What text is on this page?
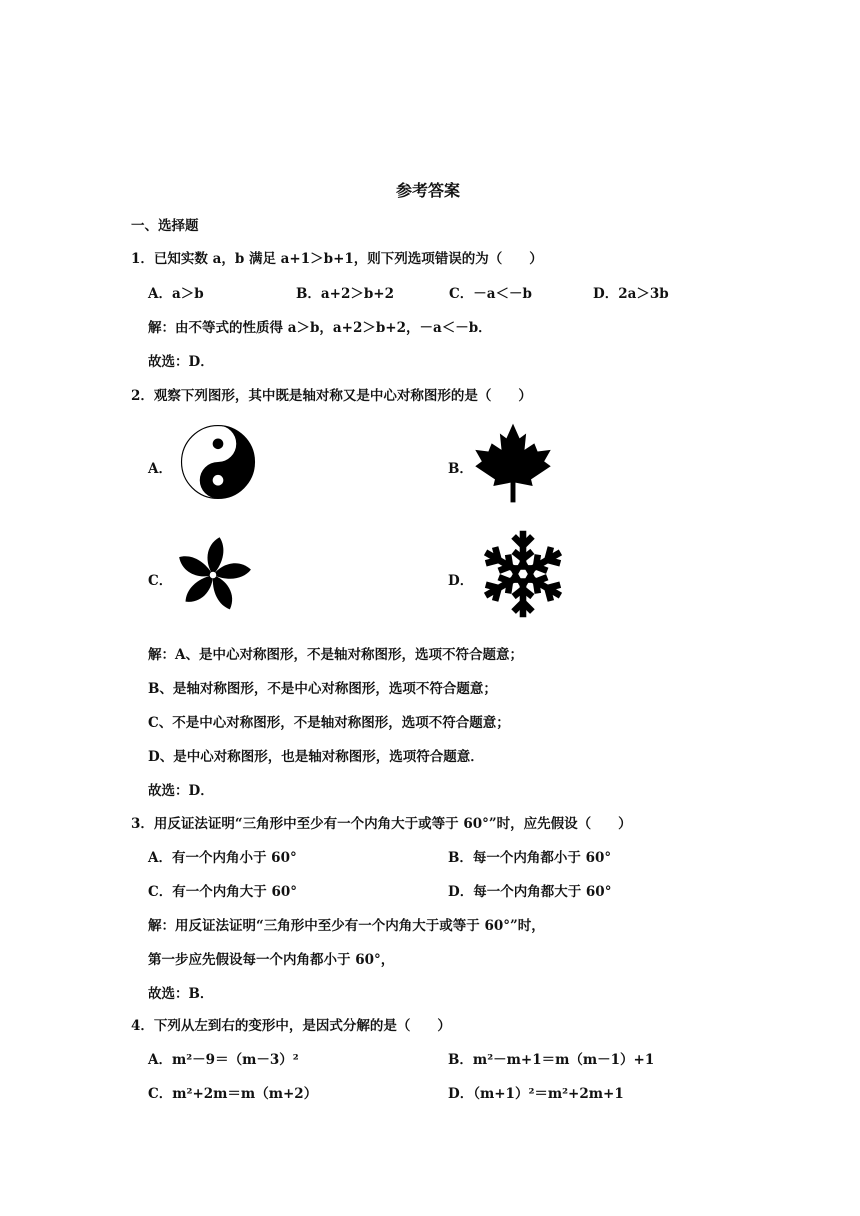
参考答案
一、选择题
1．已知实数 a，b 满足 a+1＞b+1，则下列选项错误的为（　　）
A．a＞b	B．a+2＞b+2	C．－a＜－b	D．2a＞3b
解：由不等式的性质得 a＞b，a+2＞b+2，－a＜－b．
故选：D．
2．观察下列图形，其中既是轴对称又是中心对称图形的是（　　）
A．	B．
C．	D．
解：A、是中心对称图形，不是轴对称图形，选项不符合题意；
B、是轴对称图形，不是中心对称图形，选项不符合题意；
C、不是中心对称图形，不是轴对称图形，选项不符合题意；
D、是中心对称图形，也是轴对称图形，选项符合题意．
故选：D．
3．用反证法证明“三角形中至少有一个内角大于或等于 60°”时，应先假设（　　）
A．有一个内角小于 60°	B．每一个内角都小于 60°
C．有一个内角大于 60°	D．每一个内角都大于 60°
解：用反证法证明“三角形中至少有一个内角大于或等于 60°”时，
第一步应先假设每一个内角都小于 60°，
故选：B．
4．下列从左到右的变形中，是因式分解的是（　　）
A．m²－9＝（m－3）²	B．m²－m+1＝m（m－1）+1
C．m²+2m＝m（m+2）	D．（m+1）²＝m²+2m+1
